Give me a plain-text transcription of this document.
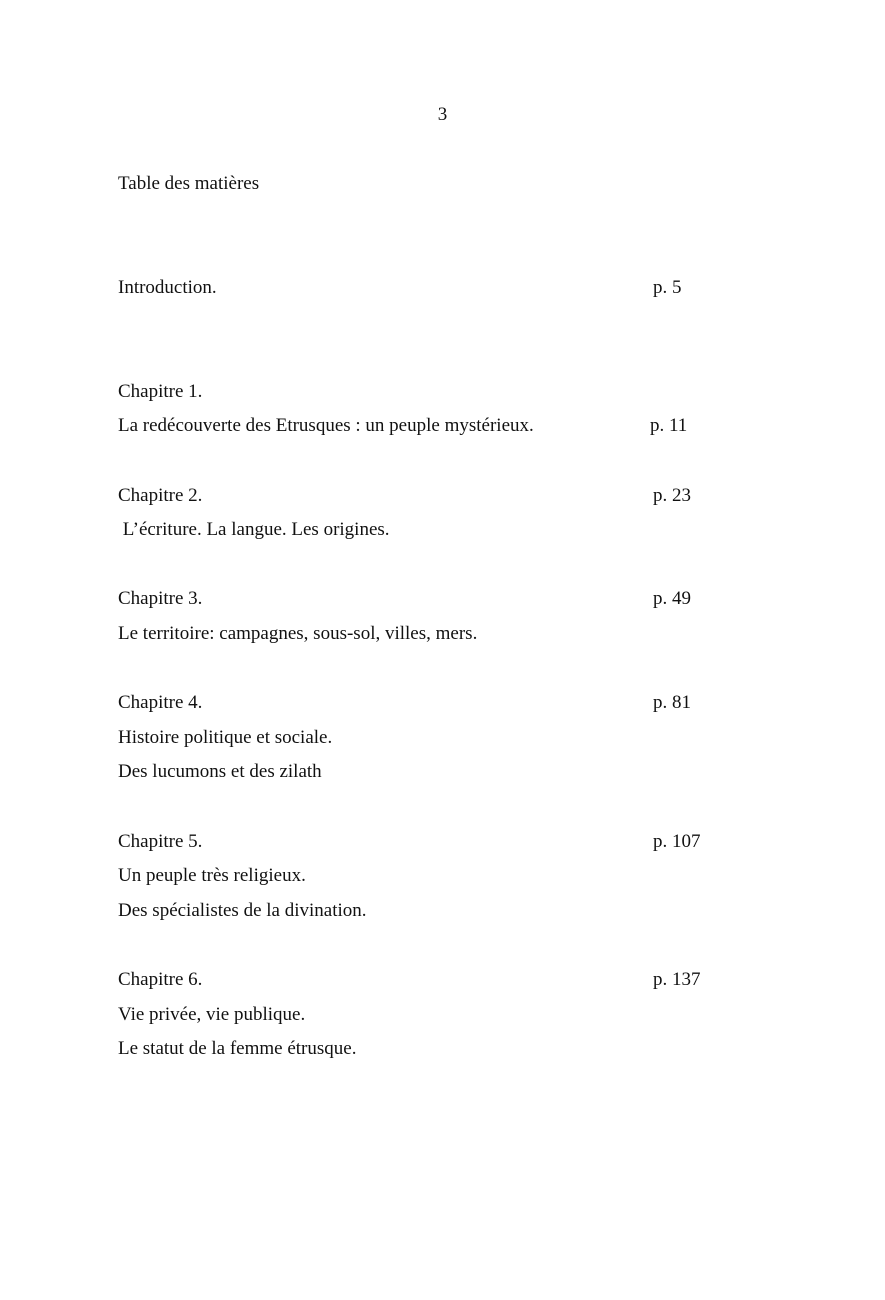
3
Table des matières
Introduction.	p. 5
Chapitre 1.
La redécouverte des Etrusques : un peuple mystérieux.	p. 11
Chapitre 2.	p. 23
L’écriture. La langue. Les origines.
Chapitre 3.	p. 49
Le territoire: campagnes, sous-sol, villes, mers.
Chapitre 4.	p. 81
Histoire politique et sociale.
Des lucumons et des zilath
Chapitre 5.	p. 107
Un peuple très religieux.
Des spécialistes de la divination.
Chapitre 6.	p. 137
Vie privée, vie publique.
Le statut de la femme étrusque.
